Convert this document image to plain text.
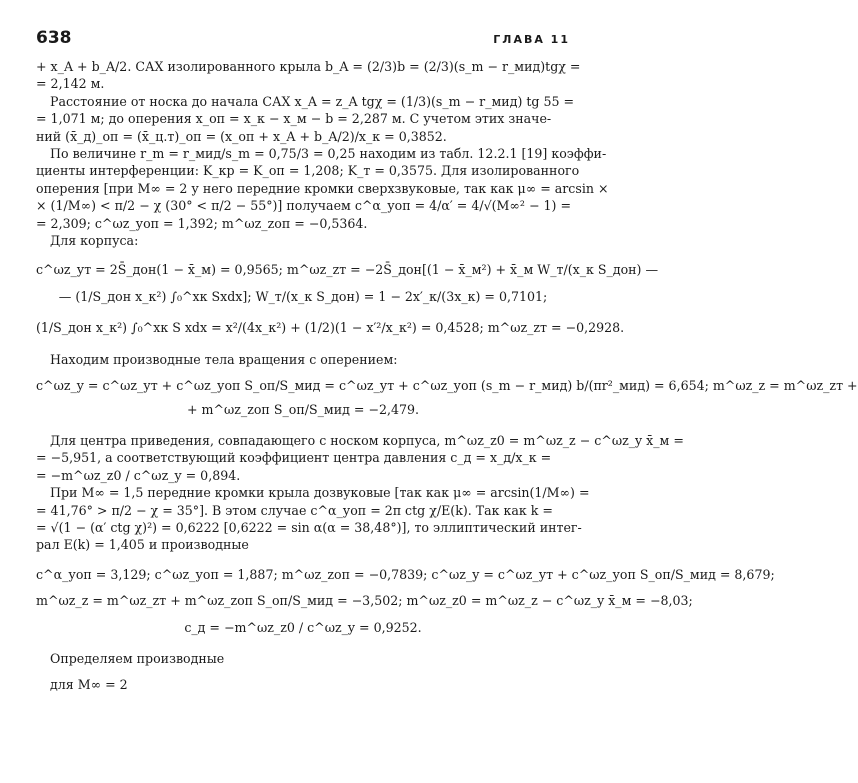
638	ГЛАВА 11

+ x_A + b_A/2. САХ изолированного крыла b_A = (2/3)b = (2/3)(s_m − r_мид)tgχ =

= 2,142 м.

Расстояние от носка до начала САХ x_A = z_A tgχ = (1/3)(s_m − r_мид) tg 55 =

= 1,071 м; до оперения x_оп = x_к − x_м − b = 2,287 м. С учетом этих значе-

ний (x̄_д)_оп = (x̄_ц.т)_оп = (x_оп + x_A + b_A/2)/x_к = 0,3852.

По величине r_m = r_мид/s_m = 0,75/3 = 0,25 находим из табл. 12.2.1 [19] коэффи-

циенты интерференции: K_кр = K_оп = 1,208; K_т = 0,3575. Для изолированного

оперения [при M∞ = 2 у него передние кромки сверхзвуковые, так как μ∞ = arcsin ×

× (1/M∞) < π/2 − χ (30° < π/2 − 55°)] получаем c^α_уоп = 4/α′ = 4/√(M∞² − 1) =

= 2,309; c^ωz_уоп = 1,392; m^ωz_zоп = −0,5364.

Для корпуса:

c^ωz_ут = 2S̄_дон(1 − x̄_м) = 0,9565; m^ωz_zт = −2S̄_дон[(1 − x̄_м²) + x̄_м W_т/(x_к S_дон) —
— (1/S_дон x_к²) ∫₀^xк Sxdx]; W_т/(x_к S_дон) = 1 − 2x′_к/(3x_к) = 0,7101;
(1/S_дон x_к²) ∫₀^xк S xdx = x²/(4x_к²) + (1/2)(1 − x′²/x_к²) = 0,4528; m^ωz_zт = −0,2928.

Находим производные тела вращения с оперением:

c^ωz_y = c^ωz_ут + c^ωz_уоп S_оп/S_мид = c^ωz_ут + c^ωz_уоп (s_m − r_мид) b/(πr²_мид) = 6,654; m^ωz_z = m^ωz_zт +
+ m^ωz_zоп S_оп/S_мид = −2,479.

Для центра приведения, совпадающего с носком корпуса, m^ωz_z0 = m^ωz_z − c^ωz_y x̄_м =

= −5,951, а соответствующий коэффициент центра давления c_д = x_д/x_к =

= −m^ωz_z0 / c^ωz_y = 0,894.

При M∞ = 1,5 передние кромки крыла дозвуковые [так как μ∞ = arcsin(1/M∞) =

= 41,76° > π/2 − χ = 35°]. В этом случае c^α_уоп = 2π ctg χ/E(k). Так как k =

= √(1 − (α′ ctg χ)²) = 0,6222 [0,6222 = sin α(α = 38,48°)], то эллиптический интег-

рал E(k) = 1,405 и производные

c^α_уоп = 3,129; c^ωz_уоп = 1,887; m^ωz_zоп = −0,7839; c^ωz_y = c^ωz_ут + c^ωz_уоп S_оп/S_мид = 8,679;
m^ωz_z = m^ωz_zт + m^ωz_zоп S_оп/S_мид = −3,502; m^ωz_z0 = m^ωz_z − c^ωz_y x̄_м = −8,03;
c_д = −m^ωz_z0 / c^ωz_y = 0,9252.

Определяем производные

для M∞ = 2
